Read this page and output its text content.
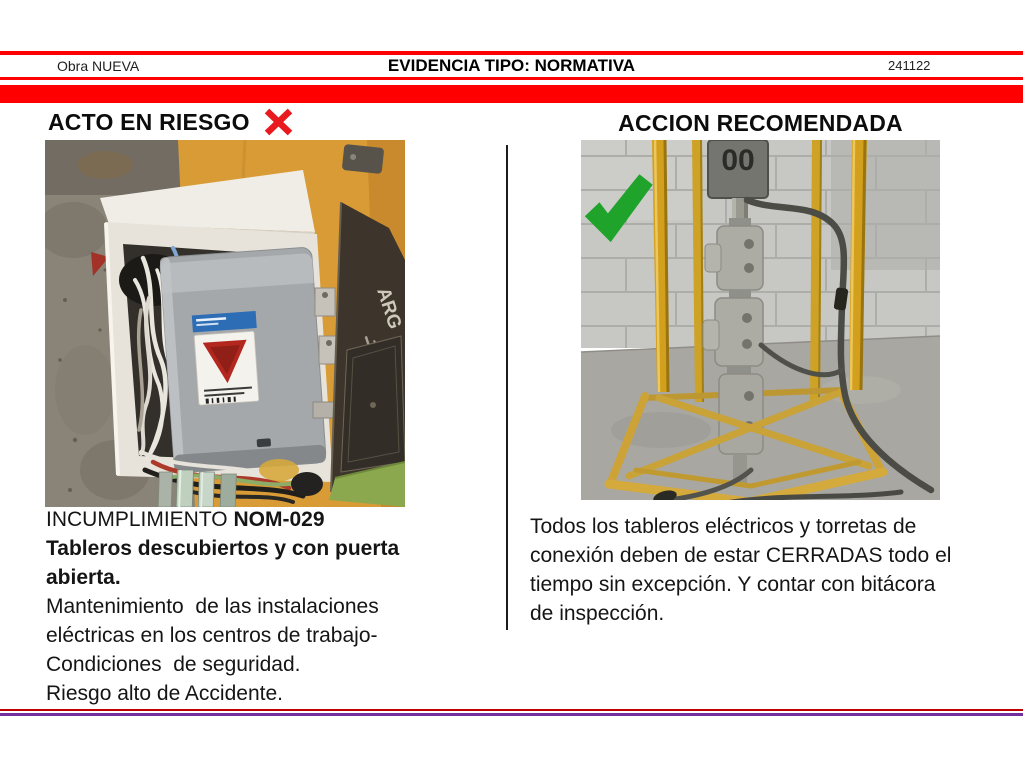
Obra NUEVA	EVIDENCIA TIPO: NORMATIVA	241122
ACTO EN RIESGO	ACCION RECOMENDADA
ARG
00
INCUMPLIMIENTO NOM-029
Tableros descubiertos y con puerta
abierta.
Mantenimiento  de las instalaciones
eléctricas en los centros de trabajo-
Condiciones  de seguridad.
Riesgo alto de Accidente.
Todos los tableros eléctricos y torretas de
conexión deben de estar CERRADAS todo el
tiempo sin excepción. Y contar con bitácora
de inspección.
